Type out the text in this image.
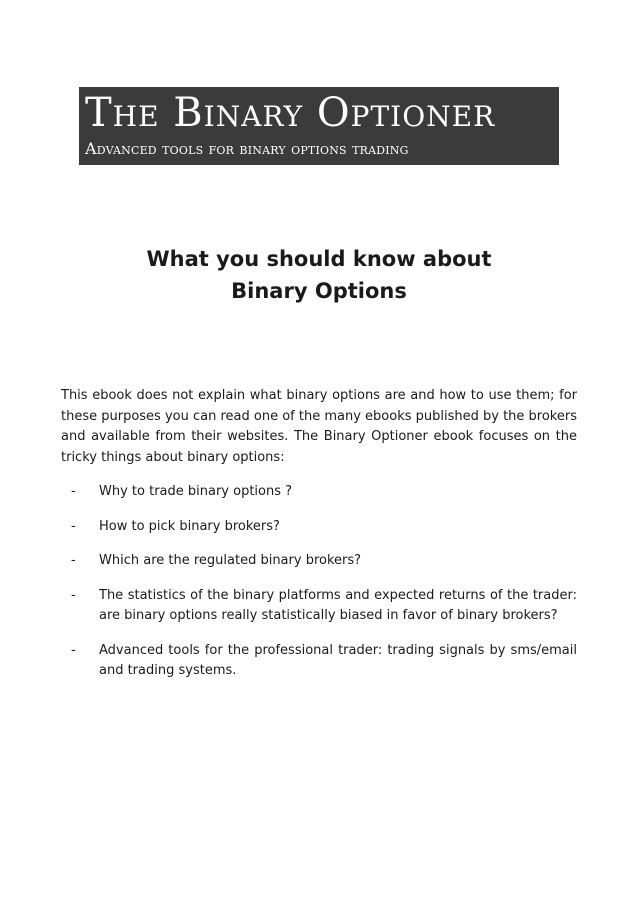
The Binary Optioner
Advanced tools for binary options trading
What you should know about
Binary Options

This ebook does not explain what binary options are and how to use them; for these purposes you can read one of the many ebooks published by the brokers and available from their websites. The Binary Optioner ebook focuses on the tricky things about binary options:

- Why to trade binary options ?
- How to pick binary brokers?
- Which are the regulated binary brokers?
- The statistics of the binary platforms and expected returns of the trader: are binary options really statistically biased in favor of binary brokers?
- Advanced tools for the professional trader: trading signals by sms/email and trading systems.
